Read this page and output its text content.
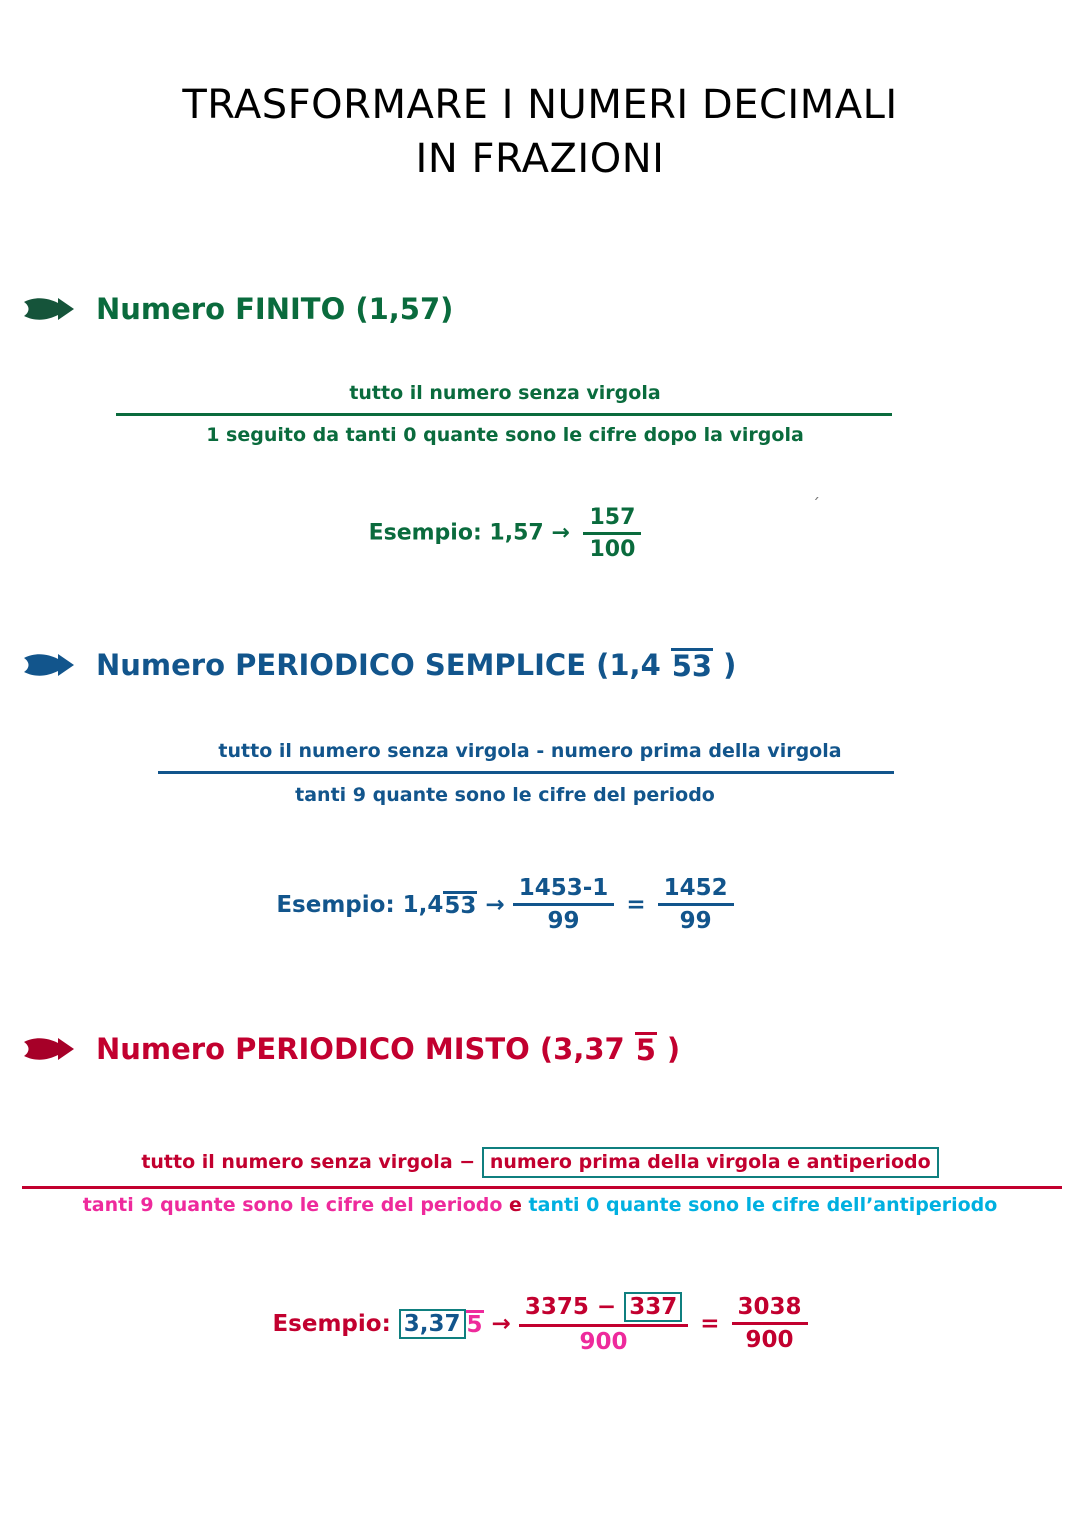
TRASFORMARE I NUMERI DECIMALI
IN FRAZIONI
Numero FINITO (1,57)
tutto il numero senza virgola
1 seguito da tanti 0 quante sono le cifre dopo la virgola
ˊ
Esempio: $1,57 \to \frac{157}{100}$
Numero PERIODICO SEMPLICE (1,4 53 )
tutto il numero senza virgola - numero prima della virgola
tanti 9 quante sono le cifre del periodo
Esempio: $1,453 \to \frac{1453-1}{99} = \frac{1452}{99}$
Numero PERIODICO MISTO (3,37 5 )
tutto il numero senza virgola − numero prima della virgola e antiperiodo
tanti 9 quante sono le cifre del periodo e tanti 0 quante sono le cifre dell’antiperiodo
Esempio: 3,37 $5 \to \frac{3375 - 337}{900} = \frac{3038}{900}$
